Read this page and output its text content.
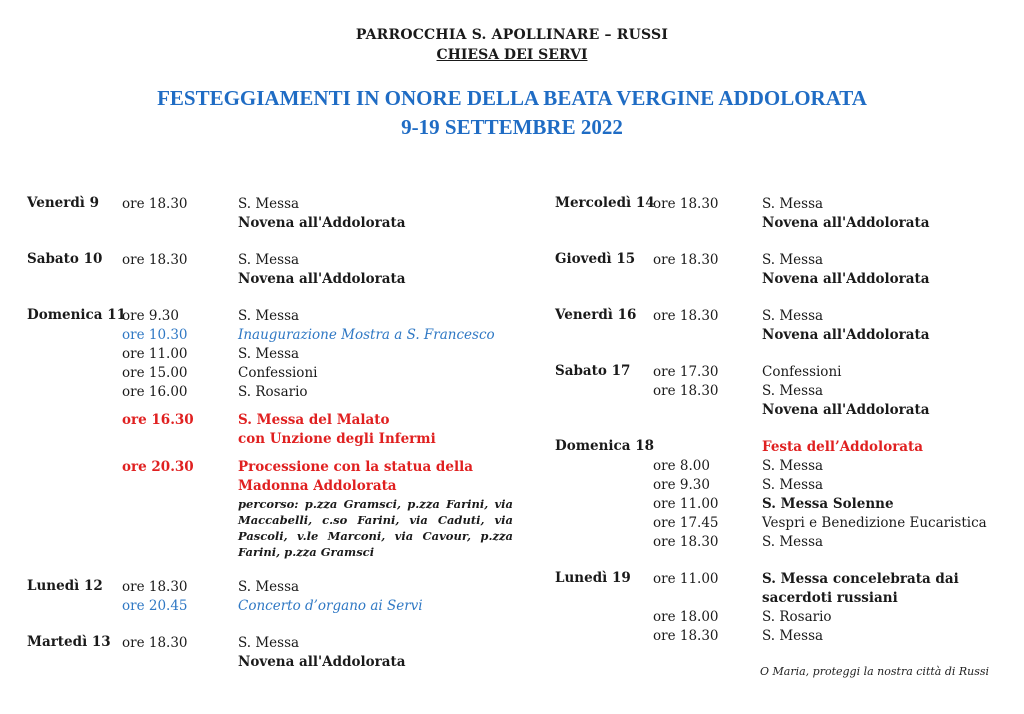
PARROCCHIA S. APOLLINARE – RUSSI
CHIESA DEI SERVI
FESTEGGIAMENTI IN ONORE DELLA BEATA VERGINE ADDOLORATA
9-19 SETTEMBRE 2022
Venerdì 9 ore 18.30	S. Messa
Novena all'Addolorata
Sabato 10 ore 18.30	S. Messa
Novena all'Addolorata
Domenica 11
ore 9.30	S. Messa
ore 10.30	Inaugurazione Mostra a S. Francesco
ore 11.00	S. Messa
ore 15.00	Confessioni
ore 16.00	S. Rosario
ore 16.30	S. Messa del Malato
con Unzione degli Infermi
ore 20.30	Processione con la statua della
Madonna Addolorata
percorso: p.zza Gramsci, p.zza Farini, via Maccabelli, c.so Farini, via Caduti, via Pascoli, v.le Marconi, via Cavour, p.zza Farini, p.zza Gramsci
Lunedì 12 ore 18.30	S. Messa
ore 20.45	Concerto d’organo ai Servi
Martedì 13 ore 18.30	S. Messa
Novena all'Addolorata
Mercoledì 14
ore 18.30	S. Messa
Novena all'Addolorata
Giovedì 15 ore 18.30	S. Messa
Novena all'Addolorata
Venerdì 16 ore 18.30	S. Messa
Novena all'Addolorata
Sabato 17 ore 17.30	Confessioni
ore 18.30	S. Messa
Novena all'Addolorata
Domenica 18	Festa dell’Addolorata
ore 8.00	S. Messa
ore 9.30	S. Messa
ore 11.00	S. Messa Solenne
ore 17.45	Vespri e Benedizione Eucaristica
ore 18.30	S. Messa
Lunedì 19 ore 11.00	S. Messa concelebrata dai
sacerdoti russiani
ore 18.00	S. Rosario
ore 18.30	S. Messa
O Maria, proteggi la nostra città di Russi
